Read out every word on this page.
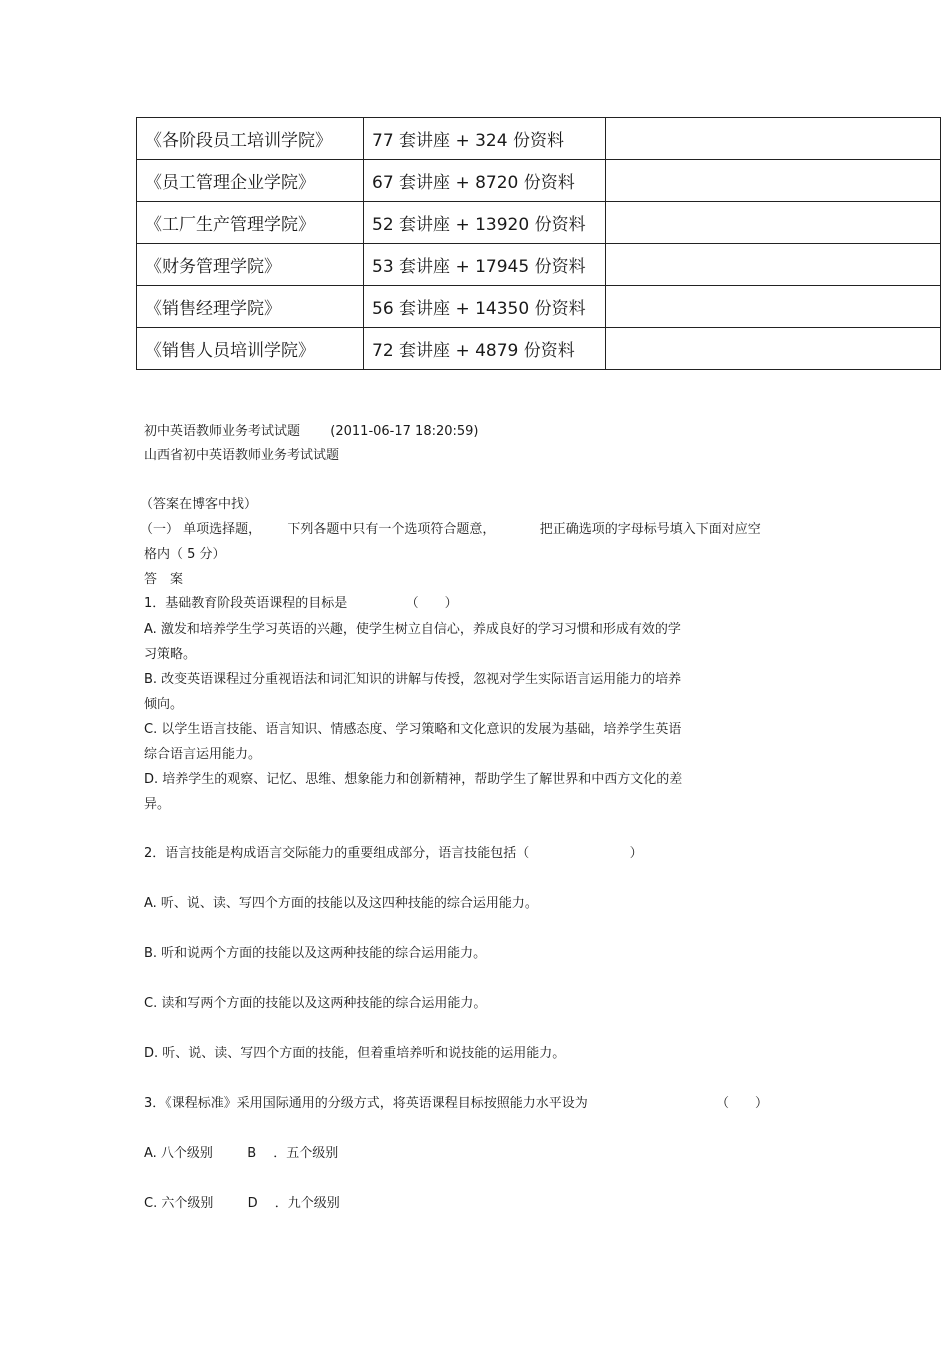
《各阶段员工培训学院》	77 套讲座 + 324 份资料	
《员工管理企业学院》	67 套讲座 + 8720 份资料	
《工厂生产管理学院》	52 套讲座 + 13920 份资料	
《财务管理学院》	53 套讲座 + 17945 份资料	
《销售经理学院》	56 套讲座 + 14350 份资料	
《销售人员培训学院》	72 套讲座 + 4879 份资料	
初中英语教师业务考试试题 (2011-06-17 18:20:59)
山西省初中英语教师业务考试试题
（答案在博客中找）
（一） 单项选择题， 下列各题中只有一个选项符合题意，	把正确选项的字母标号填入下面对应空
格内（ 5 分）
答　案
1．基础教育阶段英语课程的目标是	（　　）
A. 激发和培养学生学习英语的兴趣，使学生树立自信心，养成良好的学习习惯和形成有效的学
习策略。
B. 改变英语课程过分重视语法和词汇知识的讲解与传授，忽视对学生实际语言运用能力的培养
倾向。
C. 以学生语言技能、语言知识、情感态度、学习策略和文化意识的发展为基础，培养学生英语
综合语言运用能力。
D. 培养学生的观察、记忆、思维、想象能力和创新精神，帮助学生了解世界和中西方文化的差
异。
2．语言技能是构成语言交际能力的重要组成部分，语言技能包括（	）
A. 听、说、读、写四个方面的技能以及这四种技能的综合运用能力。
B. 听和说两个方面的技能以及这两种技能的综合运用能力。
C. 读和写两个方面的技能以及这两种技能的综合运用能力。
D. 听、说、读、写四个方面的技能，但着重培养听和说技能的运用能力。
3．《课程标准》采用国际通用的分级方式，将英语课程目标按照能力水平设为	（　　）
A. 八个级别	B　 ．五个级别
C. 六个级别	D　 ．九个级别
